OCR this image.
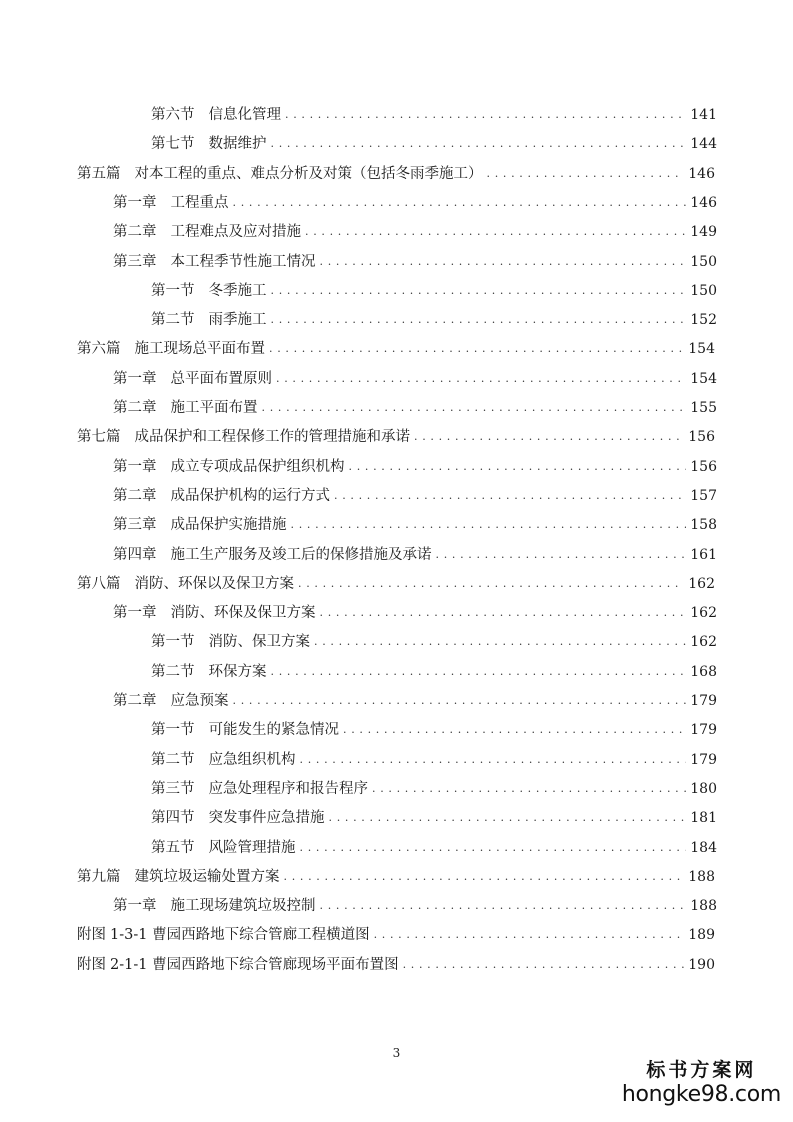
第六节 信息化管理 . . .	141
第七节 数据维护 . . .	144
第五篇 对本工程的重点、难点分析及对策（包括冬雨季施工） . . .	146
第一章 工程重点 . . .	146
第二章 工程难点及应对措施 . . .	149
第三章 本工程季节性施工情况 . . .	150
第一节 冬季施工 . . .	150
第二节 雨季施工 . . .	152
第六篇 施工现场总平面布置 . . .	154
第一章 总平面布置原则 . . .	154
第二章 施工平面布置 . . .	155
第七篇 成品保护和工程保修工作的管理措施和承诺 . . .	156
第一章 成立专项成品保护组织机构 . . .	156
第二章 成品保护机构的运行方式 . . .	157
第三章 成品保护实施措施 . . .	158
第四章 施工生产服务及竣工后的保修措施及承诺 . . .	161
第八篇 消防、环保以及保卫方案 . . .	162
第一章 消防、环保及保卫方案 . . .	162
第一节 消防、保卫方案 . . .	162
第二节 环保方案 . . .	168
第二章 应急预案 . . .	179
第一节 可能发生的紧急情况 . . .	179
第二节 应急组织机构 . . .	179
第三节 应急处理程序和报告程序 . . .	180
第四节 突发事件应急措施 . . .	181
第五节 风险管理措施 . . .	184
第九篇 建筑垃圾运输处置方案 . . .	188
第一章 施工现场建筑垃圾控制 . . .	188
附图 1-3-1 曹园西路地下综合管廊工程横道图 . . .	189
附图 2-1-1 曹园西路地下综合管廊现场平面布置图 . . .	190
3
标书方案网
hongke98.com
